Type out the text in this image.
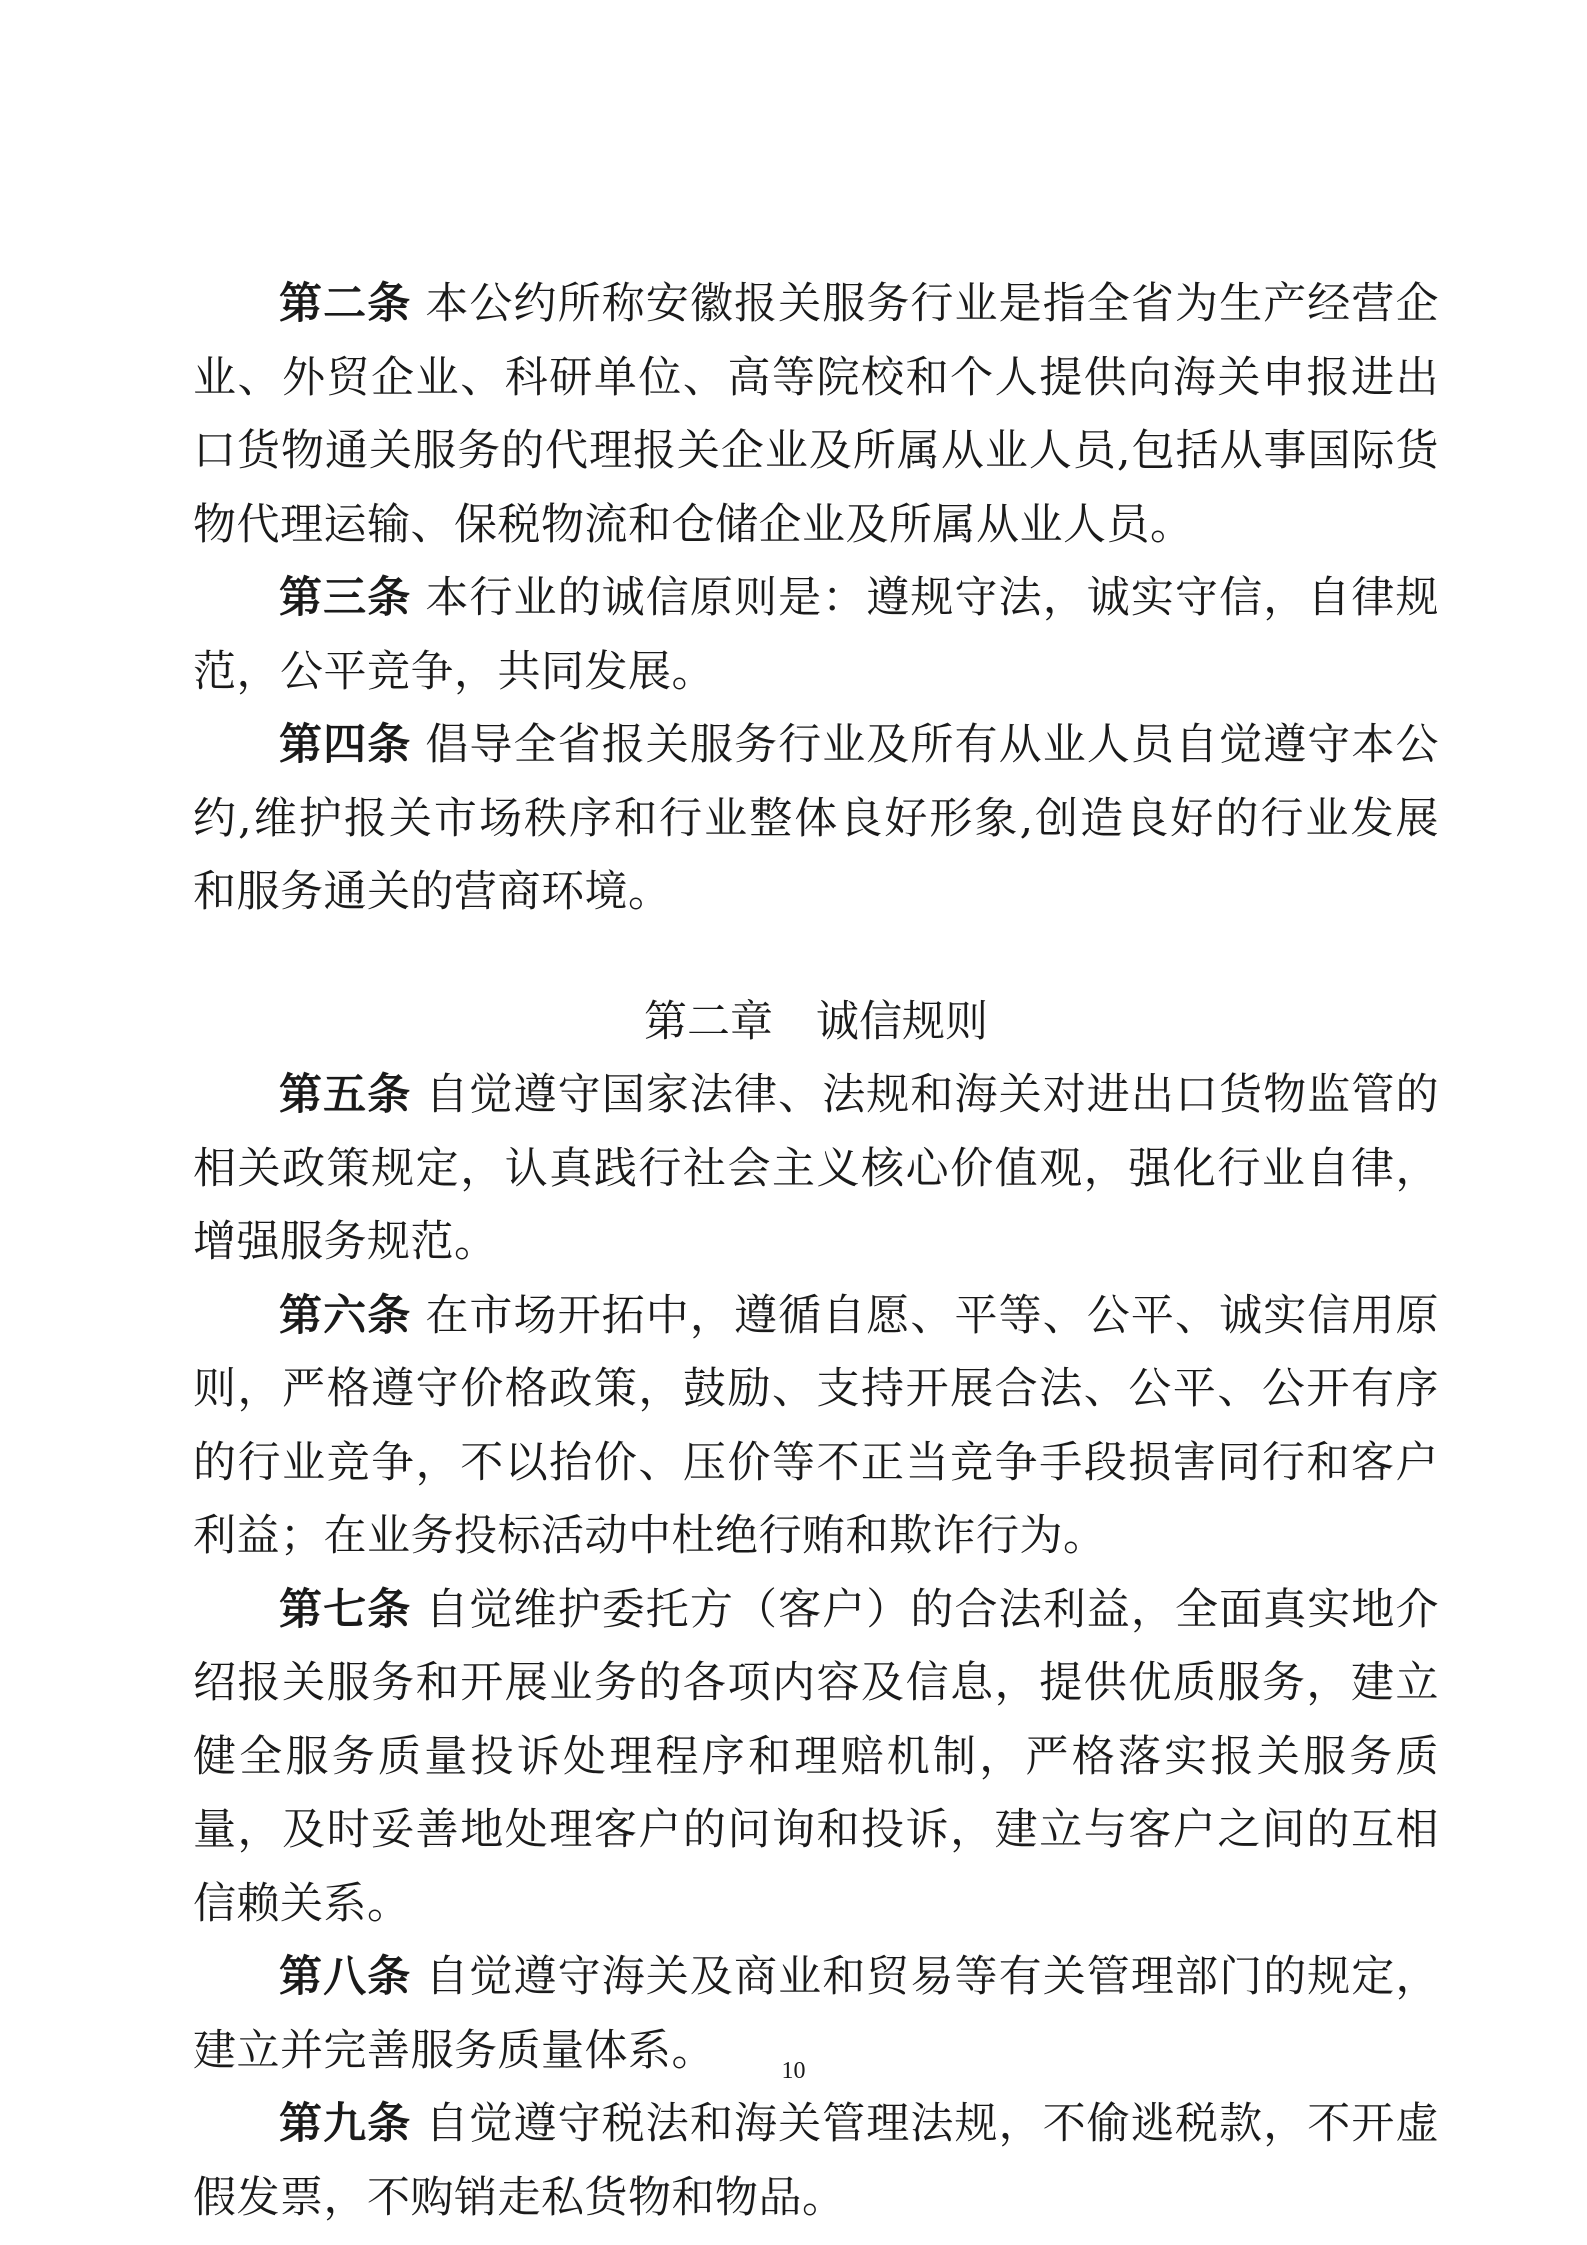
第二条 本公约所称安徽报关服务行业是指全省为生产经营企业、外贸企业、科研单位、高等院校和个人提供向海关申报进出口货物通关服务的代理报关企业及所属从业人员,包括从事国际货物代理运输、保税物流和仓储企业及所属从业人员。

第三条 本行业的诚信原则是：遵规守法，诚实守信，自律规范，公平竞争，共同发展。

第四条 倡导全省报关服务行业及所有从业人员自觉遵守本公约,维护报关市场秩序和行业整体良好形象,创造良好的行业发展和服务通关的营商环境。

第二章　诚信规则

第五条 自觉遵守国家法律、法规和海关对进出口货物监管的相关政策规定，认真践行社会主义核心价值观，强化行业自律，增强服务规范。

第六条 在市场开拓中，遵循自愿、平等、公平、诚实信用原则，严格遵守价格政策，鼓励、支持开展合法、公平、公开有序的行业竞争，不以抬价、压价等不正当竞争手段损害同行和客户利益；在业务投标活动中杜绝行贿和欺诈行为。

第七条 自觉维护委托方（客户）的合法利益，全面真实地介绍报关服务和开展业务的各项内容及信息，提供优质服务，建立健全服务质量投诉处理程序和理赔机制，严格落实报关服务质量，及时妥善地处理客户的问询和投诉，建立与客户之间的互相信赖关系。

第八条 自觉遵守海关及商业和贸易等有关管理部门的规定，建立并完善服务质量体系。

第九条 自觉遵守税法和海关管理法规，不偷逃税款，不开虚假发票，不购销走私货物和物品。

10
